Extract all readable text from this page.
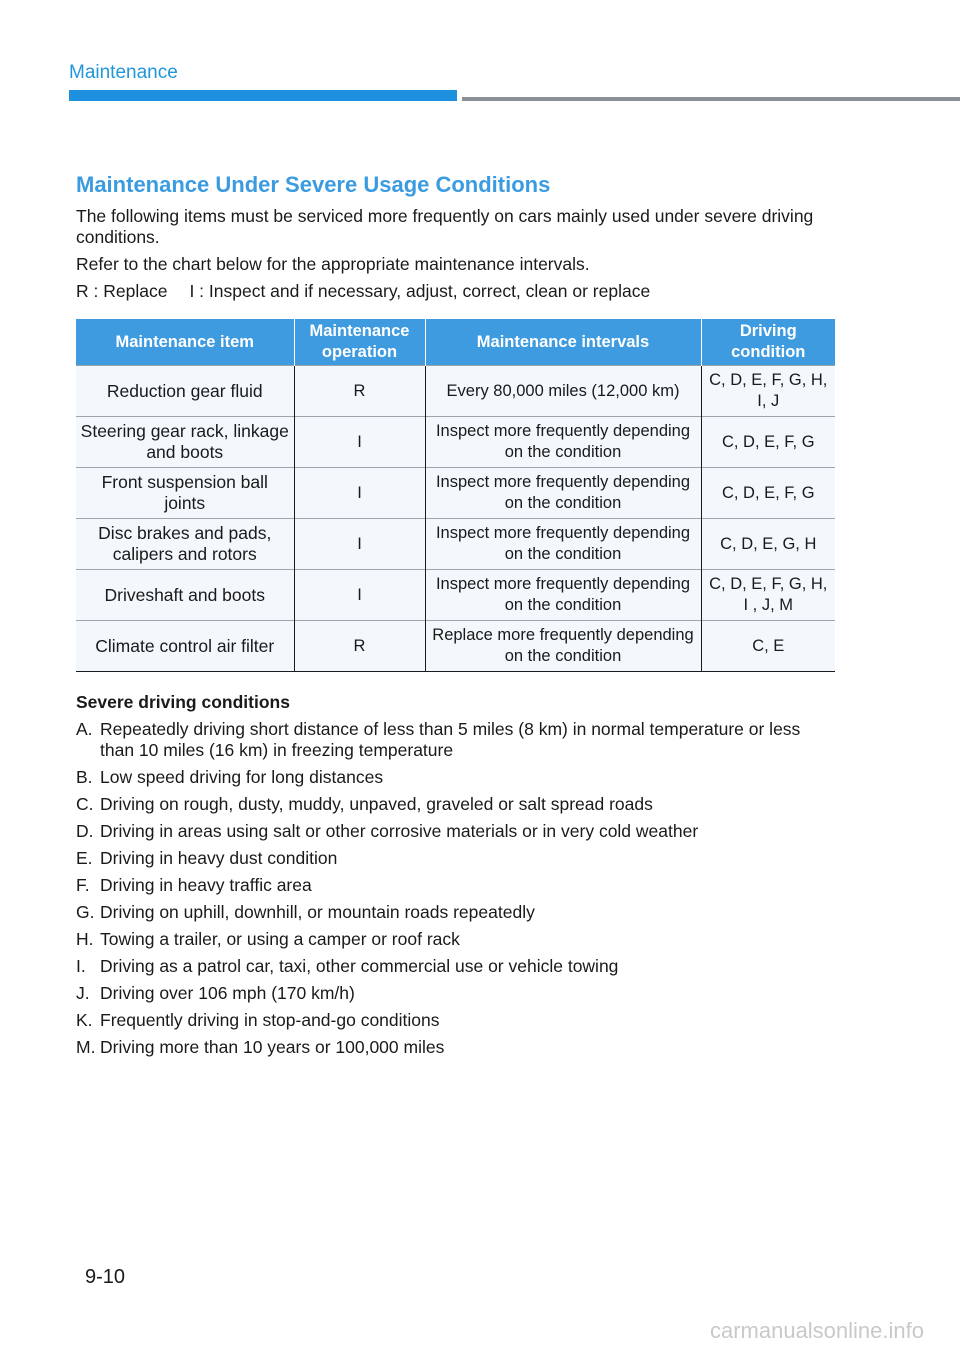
Maintenance
Maintenance Under Severe Usage Conditions

The following items must be serviced more frequently on cars mainly used under severe driving conditions.

Refer to the chart below for the appropriate maintenance intervals.

R : Replace I : Inspect and if necessary, adjust, correct, clean or replace

Maintenance item	Maintenance operation	Maintenance intervals	Driving condition
Reduction gear fluid	R	Every 80,000 miles (12,000 km)	C, D, E, F, G, H, I, J
Steering gear rack, linkage and boots	I	Inspect more frequently depending on the condition	C, D, E, F, G
Front suspension ball joints	I	Inspect more frequently depending on the condition	C, D, E, F, G
Disc brakes and pads, calipers and rotors	I	Inspect more frequently depending on the condition	C, D, E, G, H
Driveshaft and boots	I	Inspect more frequently depending on the condition	C, D, E, F, G, H, I , J, M
Climate control air filter	R	Replace more frequently depending on the condition	C, E
Severe driving conditions
A. Repeatedly driving short distance of less than 5 miles (8 km) in normal temperature or less than 10 miles (16 km) in freezing temperature
B. Low speed driving for long distances
C. Driving on rough, dusty, muddy, unpaved, graveled or salt spread roads
D. Driving in areas using salt or other corrosive materials or in very cold weather
E. Driving in heavy dust condition
F. Driving in heavy traffic area
G. Driving on uphill, downhill, or mountain roads repeatedly
H. Towing a trailer, or using a camper or roof rack
I. Driving as a patrol car, taxi, other commercial use or vehicle towing
J. Driving over 106 mph (170 km/h)
K. Frequently driving in stop-and-go conditions
M. Driving more than 10 years or 100,000 miles
9-10
carmanualsonline.info
